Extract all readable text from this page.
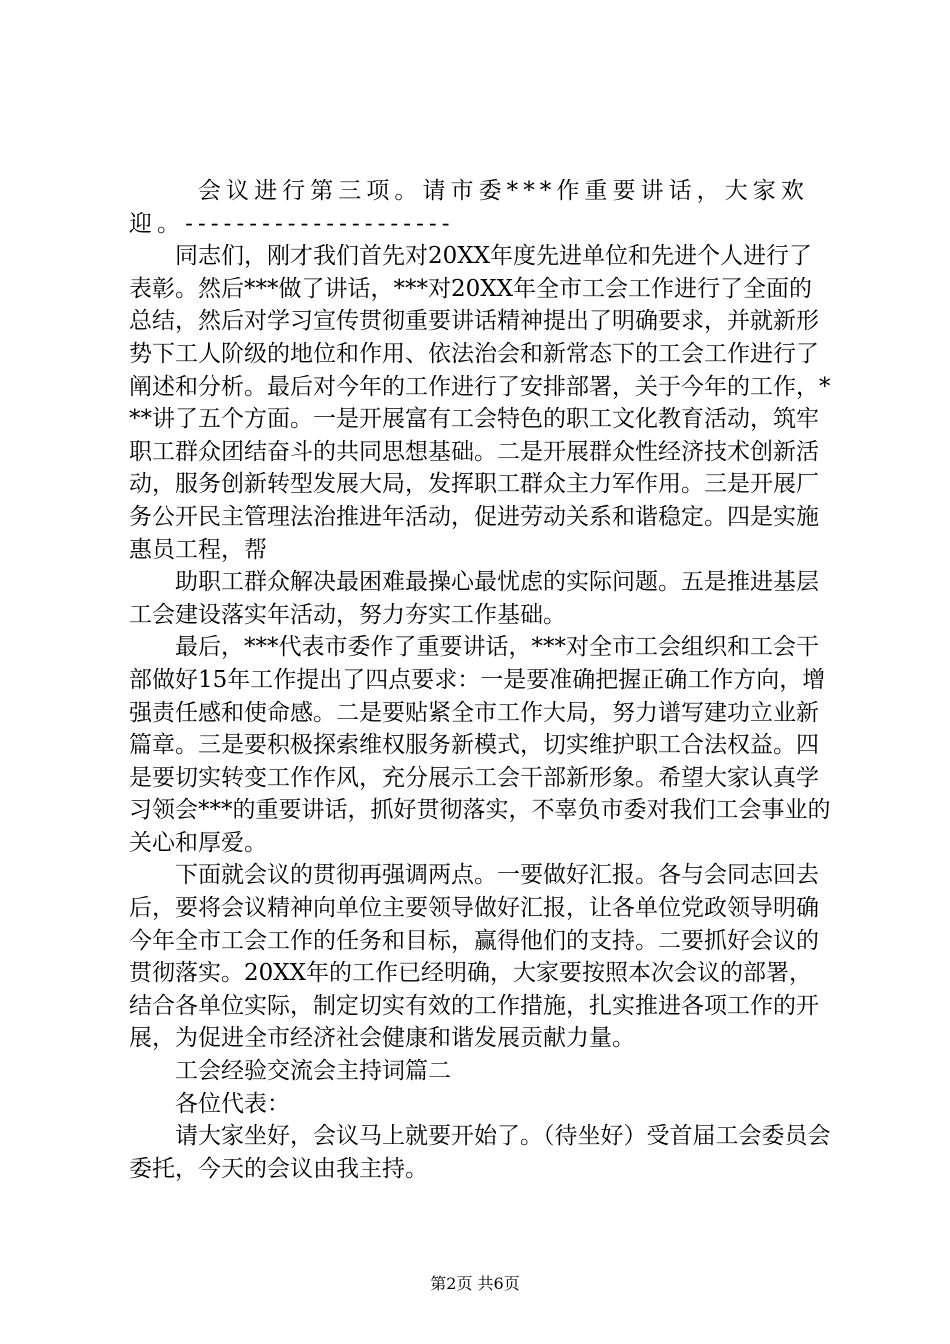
会议进行第三项。请市委***作重要讲话，大家欢迎。---------------------

同志们，刚才我们首先对20XX年度先进单位和先进个人进行了表彰。然后***做了讲话，***对20XX年全市工会工作进行了全面的总结，然后对学习宣传贯彻重要讲话精神提出了明确要求，并就新形势下工人阶级的地位和作用、依法治会和新常态下的工会工作进行了阐述和分析。最后对今年的工作进行了安排部署，关于今年的工作，***讲了五个方面。一是开展富有工会特色的职工文化教育活动，筑牢职工群众团结奋斗的共同思想基础。二是开展群众性经济技术创新活动，服务创新转型发展大局，发挥职工群众主力军作用。三是开展厂务公开民主管理法治推进年活动，促进劳动关系和谐稳定。四是实施惠员工程，帮

助职工群众解决最困难最操心最忧虑的实际问题。五是推进基层工会建设落实年活动，努力夯实工作基础。

最后，***代表市委作了重要讲话，***对全市工会组织和工会干部做好15年工作提出了四点要求：一是要准确把握正确工作方向，增强责任感和使命感。二是要贴紧全市工作大局，努力谱写建功立业新篇章。三是要积极探索维权服务新模式，切实维护职工合法权益。四是要切实转变工作作风，充分展示工会干部新形象。希望大家认真学习领会***的重要讲话，抓好贯彻落实，不辜负市委对我们工会事业的关心和厚爱。

下面就会议的贯彻再强调两点。一要做好汇报。各与会同志回去后，要将会议精神向单位主要领导做好汇报，让各单位党政领导明确今年全市工会工作的任务和目标，赢得他们的支持。二要抓好会议的贯彻落实。20XX年的工作已经明确，大家要按照本次会议的部署，结合各单位实际，制定切实有效的工作措施，扎实推进各项工作的开展，为促进全市经济社会健康和谐发展贡献力量。

工会经验交流会主持词篇二

各位代表：

请大家坐好，会议马上就要开始了。（待坐好）受首届工会委员会委托，今天的会议由我主持。

第2页 共6页
